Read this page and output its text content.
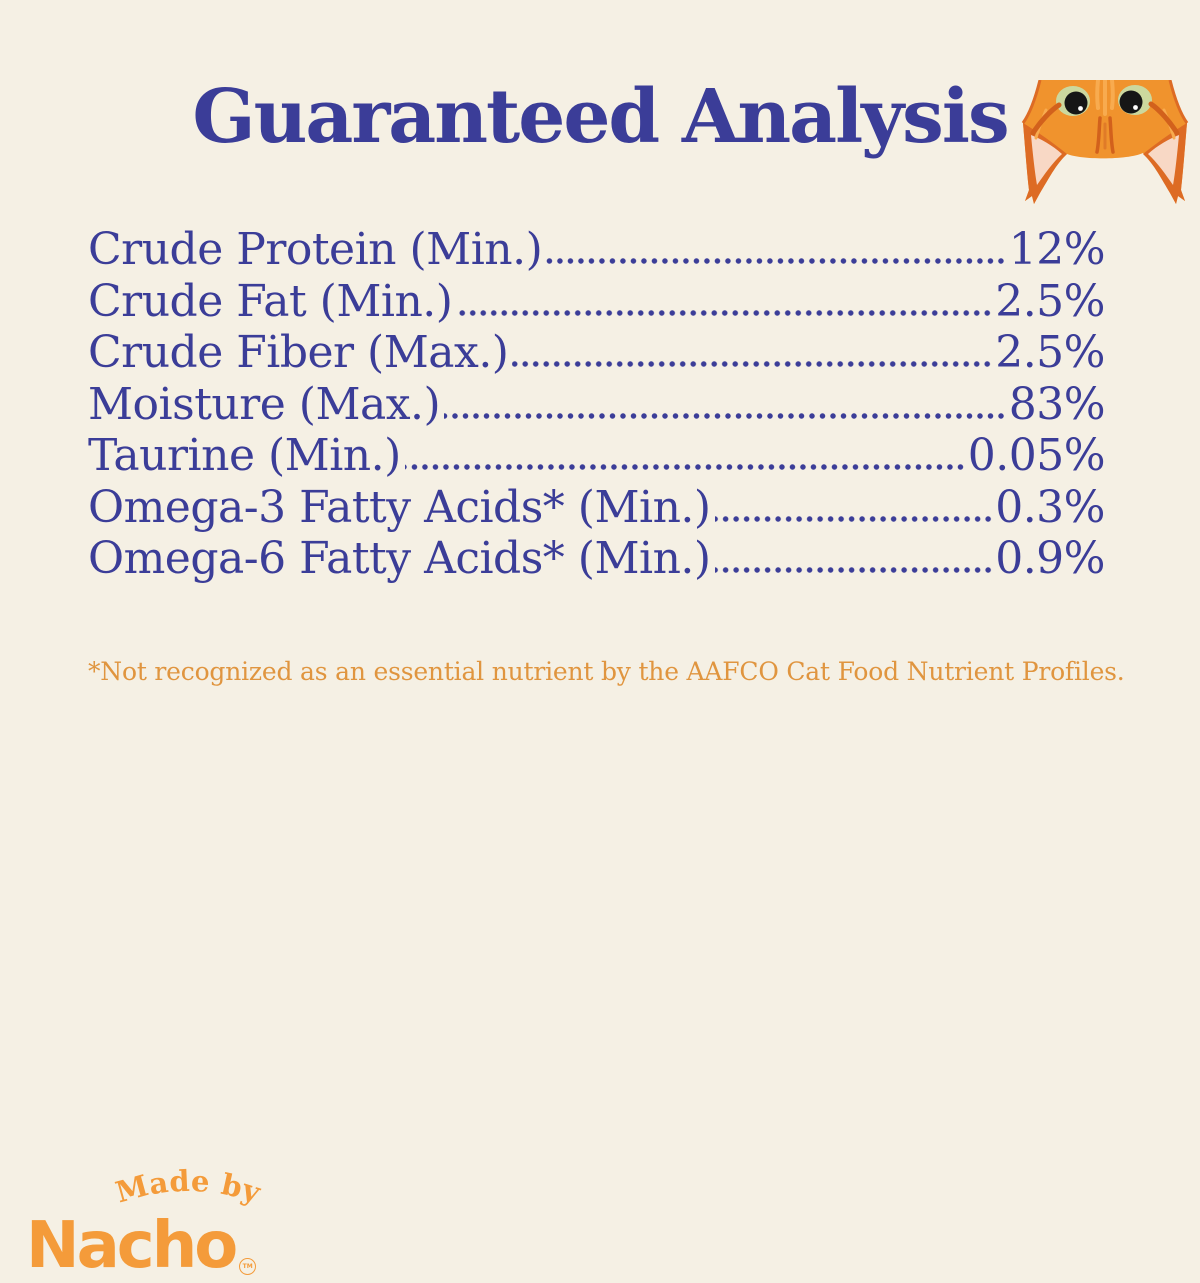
Guaranteed Analysis
Crude Protein (Min.)	12%
Crude Fat (Min.)	2.5%
Crude Fiber (Max.)	2.5%
Moisture (Max.)	83%
Taurine (Min.)	0.05%
Omega-3 Fatty Acids* (Min.)	0.3%
Omega-6 Fatty Acids* (Min.)	0.9%
*Not recognized as an essential nutrient by the AAFCO Cat Food Nutrient Profiles.
Made by
Nacho	TM
